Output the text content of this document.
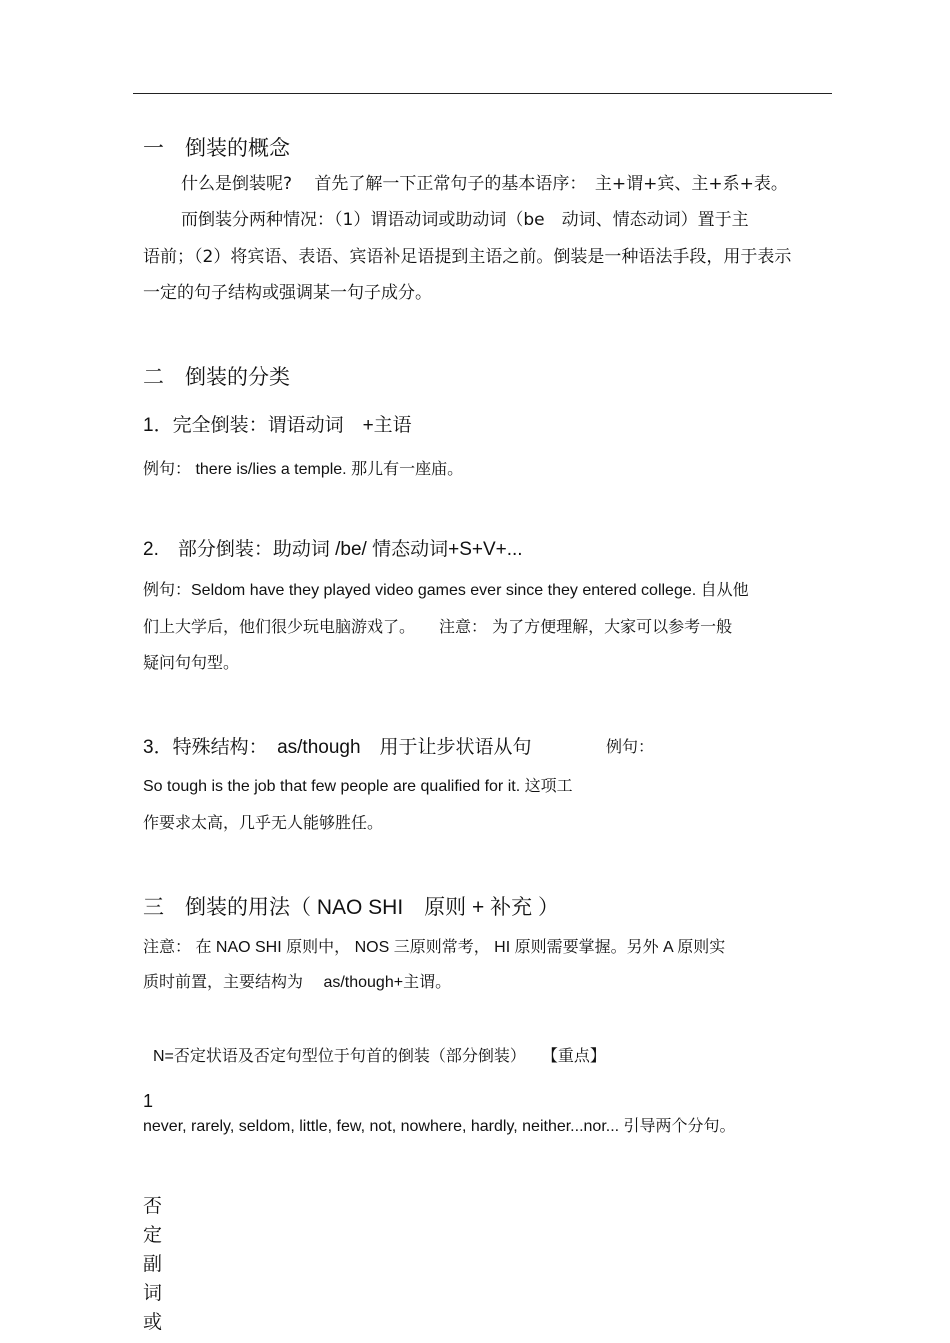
一　倒装的概念
什么是倒装呢?　 首先了解一下正常句子的基本语序：　主+谓+宾、主+系+表。
而倒装分两种情况：（1）谓语动词或助动词（be　动词、情态动词）置于主
语前；（2）将宾语、表语、宾语补足语提到主语之前。倒装是一种语法手段，用于表示
一定的句子结构或强调某一句子成分。
二　倒装的分类
1．完全倒装：谓语动词　+主语
例句： there is/lies a temple. 那儿有一座庙。
2.　部分倒装：助动词 /be/ 情态动词+S+V+...
例句：Seldom have they played video games ever since they entered college. 自从他
们上大学后，他们很少玩电脑游戏了。　　注意： 为了方便理解，大家可以参考一般
疑问句句型。
3．特殊结构：　as/though　用于让步状语从句	例句：
So tough is the job that few people are qualified for it. 这项工
作要求太高，几乎无人能够胜任。
三　倒装的用法（ NAO SHI　原则 + 补充 ）
注意： 在 NAO SHI 原则中， NOS 三原则常考， HI 原则需要掌握。另外 A 原则实
质时前置，主要结构为　 as/though+主谓。
N=否定状语及否定句型位于句首的倒装（部分倒装）　　【重点】
1
never, rarely, seldom, little, few, not, nowhere, hardly, neither...nor... 引导两个分句。
否
定
副
词
或
